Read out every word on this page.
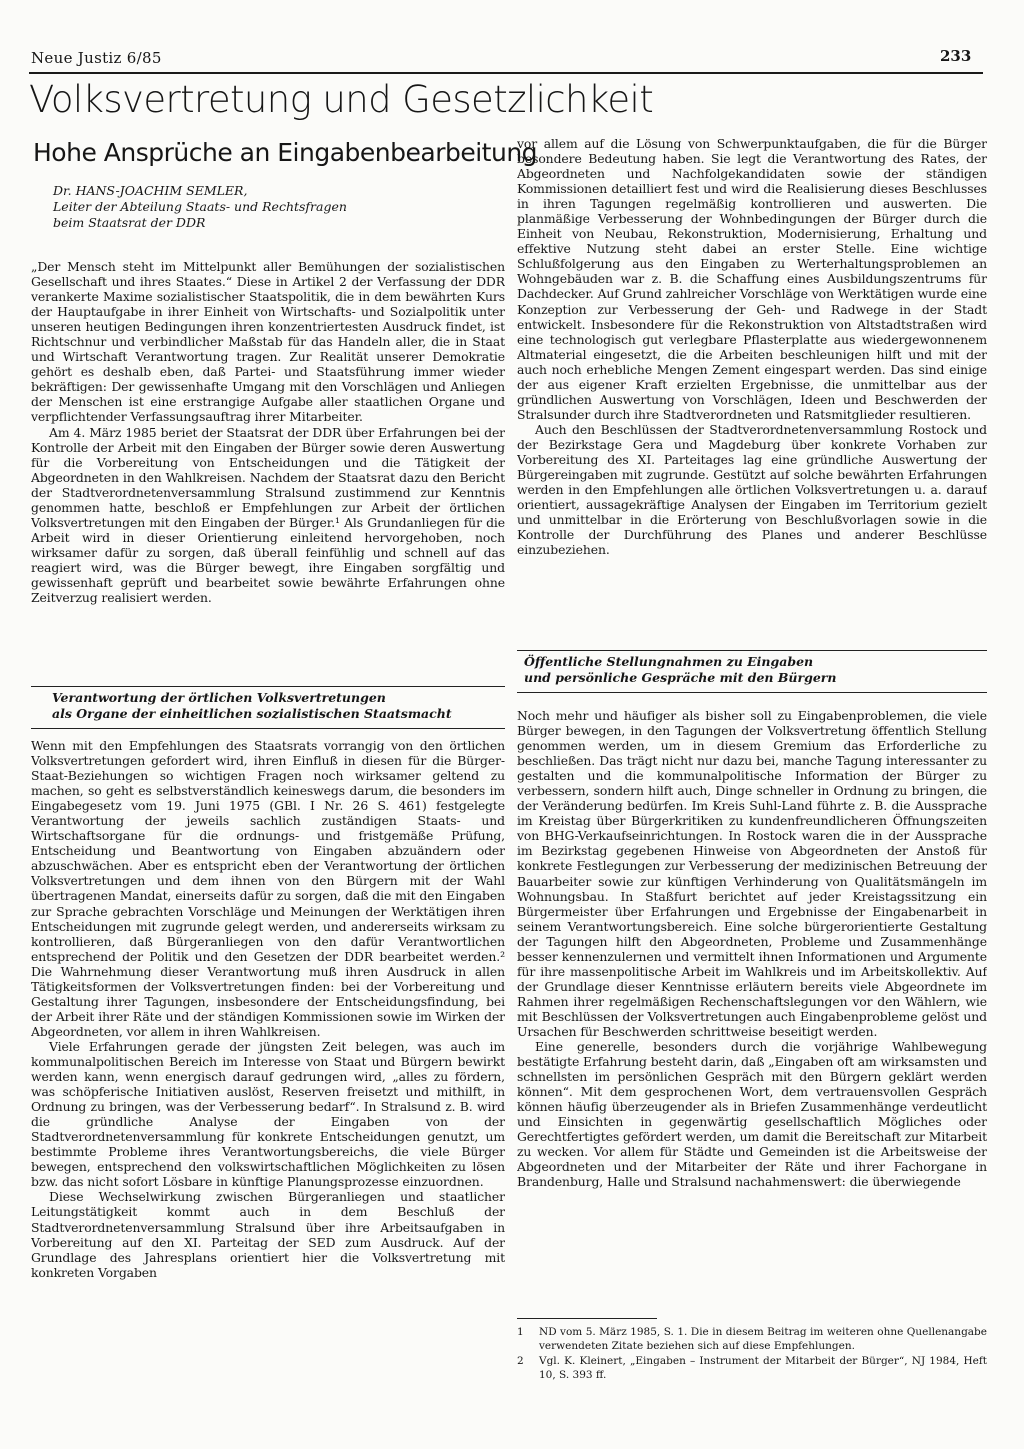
Neue Justiz 6/85	233
Volksvertretung und Gesetzlichkeit
Hohe Ansprüche an Eingabenbearbeitung
Dr. HANS-JOACHIM SEMLER,
Leiter der Abteilung Staats- und Rechtsfragen
beim Staatsrat der DDR

„Der Mensch steht im Mittelpunkt aller Bemühungen der sozialistischen Gesellschaft und ihres Staates.“ Diese in Artikel 2 der Verfassung der DDR verankerte Maxime sozialistischer Staatspolitik, die in dem bewährten Kurs der Hauptaufgabe in ihrer Einheit von Wirtschafts- und Sozialpolitik unter unseren heutigen Bedingungen ihren konzentriertesten Ausdruck findet, ist Richtschnur und verbindlicher Maßstab für das Handeln aller, die in Staat und Wirtschaft Verantwortung tragen. Zur Realität unserer Demokratie gehört es deshalb eben, daß Partei- und Staatsführung immer wieder bekräftigen: Der gewissenhafte Umgang mit den Vorschlägen und Anliegen der Menschen ist eine erstrangige Aufgabe aller staatlichen Organe und verpflichtender Verfassungsauftrag ihrer Mitarbeiter.

Am 4. März 1985 beriet der Staatsrat der DDR über Erfahrungen bei der Kontrolle der Arbeit mit den Eingaben der Bürger sowie deren Auswertung für die Vorbereitung von Entscheidungen und die Tätigkeit der Abgeordneten in den Wahlkreisen. Nachdem der Staatsrat dazu den Bericht der Stadtverordnetenversammlung Stralsund zustimmend zur Kenntnis genommen hatte, beschloß er Empfehlungen zur Arbeit der örtlichen Volksvertretungen mit den Eingaben der Bürger.¹ Als Grundanliegen für die Arbeit wird in dieser Orientierung einleitend hervorgehoben, noch wirksamer dafür zu sorgen, daß überall feinfühlig und schnell auf das reagiert wird, was die Bürger bewegt, ihre Eingaben sorgfältig und gewissenhaft geprüft und bearbeitet sowie bewährte Erfahrungen ohne Zeitverzug realisiert werden.

Verantwortung der örtlichen Volksvertretungen
als Organe der einheitlichen sozialistischen Staatsmacht

Wenn mit den Empfehlungen des Staatsrats vorrangig von den örtlichen Volksvertretungen gefordert wird, ihren Einfluß in diesen für die Bürger-Staat-Beziehungen so wichtigen Fragen noch wirksamer geltend zu machen, so geht es selbstverständlich keineswegs darum, die besonders im Eingabegesetz vom 19. Juni 1975 (GBl. I Nr. 26 S. 461) festgelegte Verantwortung der jeweils sachlich zuständigen Staats- und Wirtschaftsorgane für die ordnungs- und fristgemäße Prüfung, Entscheidung und Beantwortung von Eingaben abzuändern oder abzuschwächen. Aber es entspricht eben der Verantwortung der örtlichen Volksvertretungen und dem ihnen von den Bürgern mit der Wahl übertragenen Mandat, einerseits dafür zu sorgen, daß die mit den Eingaben zur Sprache gebrachten Vorschläge und Meinungen der Werktätigen ihren Entscheidungen mit zugrunde gelegt werden, und andererseits wirksam zu kontrollieren, daß Bürgeranliegen von den dafür Verantwortlichen entsprechend der Politik und den Gesetzen der DDR bearbeitet werden.² Die Wahrnehmung dieser Verantwortung muß ihren Ausdruck in allen Tätigkeitsformen der Volksvertretungen finden: bei der Vorbereitung und Gestaltung ihrer Tagungen, insbesondere der Entscheidungsfindung, bei der Arbeit ihrer Räte und der ständigen Kommissionen sowie im Wirken der Abgeordneten, vor allem in ihren Wahlkreisen.

Viele Erfahrungen gerade der jüngsten Zeit belegen, was auch im kommunalpolitischen Bereich im Interesse von Staat und Bürgern bewirkt werden kann, wenn energisch darauf gedrungen wird, „alles zu fördern, was schöpferische Initiativen auslöst, Reserven freisetzt und mithilft, in Ordnung zu bringen, was der Verbesserung bedarf“. In Stralsund z. B. wird die gründliche Analyse der Eingaben von der Stadtverordnetenversammlung für konkrete Entscheidungen genutzt, um bestimmte Probleme ihres Verantwortungsbereichs, die viele Bürger bewegen, entsprechend den volkswirtschaftlichen Möglichkeiten zu lösen bzw. das nicht sofort Lösbare in künftige Planungsprozesse einzuordnen.

Diese Wechselwirkung zwischen Bürgeranliegen und staatlicher Leitungstätigkeit kommt auch in dem Beschluß der Stadtverordnetenversammlung Stralsund über ihre Arbeitsaufgaben in Vorbereitung auf den XI. Parteitag der SED zum Ausdruck. Auf der Grundlage des Jahresplans orientiert hier die Volksvertretung mit konkreten Vorgaben

vor allem auf die Lösung von Schwerpunktaufgaben, die für die Bürger besondere Bedeutung haben. Sie legt die Verantwortung des Rates, der Abgeordneten und Nachfolgekandidaten sowie der ständigen Kommissionen detailliert fest und wird die Realisierung dieses Beschlusses in ihren Tagungen regelmäßig kontrollieren und auswerten. Die planmäßige Verbesserung der Wohnbedingungen der Bürger durch die Einheit von Neubau, Rekonstruktion, Modernisierung, Erhaltung und effektive Nutzung steht dabei an erster Stelle. Eine wichtige Schlußfolgerung aus den Eingaben zu Werterhaltungsproblemen an Wohngebäuden war z. B. die Schaffung eines Ausbildungszentrums für Dachdecker. Auf Grund zahlreicher Vorschläge von Werktätigen wurde eine Konzeption zur Verbesserung der Geh- und Radwege in der Stadt entwickelt. Insbesondere für die Rekonstruktion von Altstadtstraßen wird eine technologisch gut verlegbare Pflasterplatte aus wiedergewonnenem Altmaterial eingesetzt, die die Arbeiten beschleunigen hilft und mit der auch noch erhebliche Mengen Zement eingespart werden. Das sind einige der aus eigener Kraft erzielten Ergebnisse, die unmittelbar aus der gründlichen Auswertung von Vorschlägen, Ideen und Beschwerden der Stralsunder durch ihre Stadtverordneten und Ratsmitglieder resultieren.

Auch den Beschlüssen der Stadtverordnetenversammlung Rostock und der Bezirkstage Gera und Magdeburg über konkrete Vorhaben zur Vorbereitung des XI. Parteitages lag eine gründliche Auswertung der Bürgereingaben mit zugrunde. Gestützt auf solche bewährten Erfahrungen werden in den Empfehlungen alle örtlichen Volksvertretungen u. a. darauf orientiert, aussagekräftige Analysen der Eingaben im Territorium gezielt und unmittelbar in die Erörterung von Beschlußvorlagen sowie in die Kontrolle der Durchführung des Planes und anderer Beschlüsse einzubeziehen.

Öffentliche Stellungnahmen zu Eingaben
und persönliche Gespräche mit den Bürgern

Noch mehr und häufiger als bisher soll zu Eingabenproblemen, die viele Bürger bewegen, in den Tagungen der Volksvertretung öffentlich Stellung genommen werden, um in diesem Gremium das Erforderliche zu beschließen. Das trägt nicht nur dazu bei, manche Tagung interessanter zu gestalten und die kommunalpolitische Information der Bürger zu verbessern, sondern hilft auch, Dinge schneller in Ordnung zu bringen, die der Veränderung bedürfen. Im Kreis Suhl-Land führte z. B. die Aussprache im Kreistag über Bürgerkritiken zu kundenfreundlicheren Öffnungszeiten von BHG-Verkaufseinrichtungen. In Rostock waren die in der Aussprache im Bezirkstag gegebenen Hinweise von Abgeordneten der Anstoß für konkrete Festlegungen zur Verbesserung der medizinischen Betreuung der Bauarbeiter sowie zur künftigen Verhinderung von Qualitätsmängeln im Wohnungsbau. In Staßfurt berichtet auf jeder Kreistagssitzung ein Bürgermeister über Erfahrungen und Ergebnisse der Eingabenarbeit in seinem Verantwortungsbereich. Eine solche bürgerorientierte Gestaltung der Tagungen hilft den Abgeordneten, Probleme und Zusammenhänge besser kennenzulernen und vermittelt ihnen Informationen und Argumente für ihre massenpolitische Arbeit im Wahlkreis und im Arbeitskollektiv. Auf der Grundlage dieser Kenntnisse erläutern bereits viele Abgeordnete im Rahmen ihrer regelmäßigen Rechenschaftslegungen vor den Wählern, wie mit Beschlüssen der Volksvertretungen auch Eingabenprobleme gelöst und Ursachen für Beschwerden schrittweise beseitigt werden.

Eine generelle, besonders durch die vorjährige Wahlbewegung bestätigte Erfahrung besteht darin, daß „Eingaben oft am wirksamsten und schnellsten im persönlichen Gespräch mit den Bürgern geklärt werden können“. Mit dem gesprochenen Wort, dem vertrauensvollen Gespräch können häufig überzeugender als in Briefen Zusammenhänge verdeutlicht und Einsichten in gegenwärtig gesellschaftlich Mögliches oder Gerechtfertigtes gefördert werden, um damit die Bereitschaft zur Mitarbeit zu wecken. Vor allem für Städte und Gemeinden ist die Arbeitsweise der Abgeordneten und der Mitarbeiter der Räte und ihrer Fachorgane in Brandenburg, Halle und Stralsund nachahmenswert: die überwiegende

1	ND vom 5. März 1985, S. 1. Die in diesem Beitrag im weiteren ohne Quellenangabe verwendeten Zitate beziehen sich auf diese Empfehlungen.
2	Vgl. K. Kleinert, „Eingaben – Instrument der Mitarbeit der Bürger“, NJ 1984, Heft 10, S. 393 ff.
